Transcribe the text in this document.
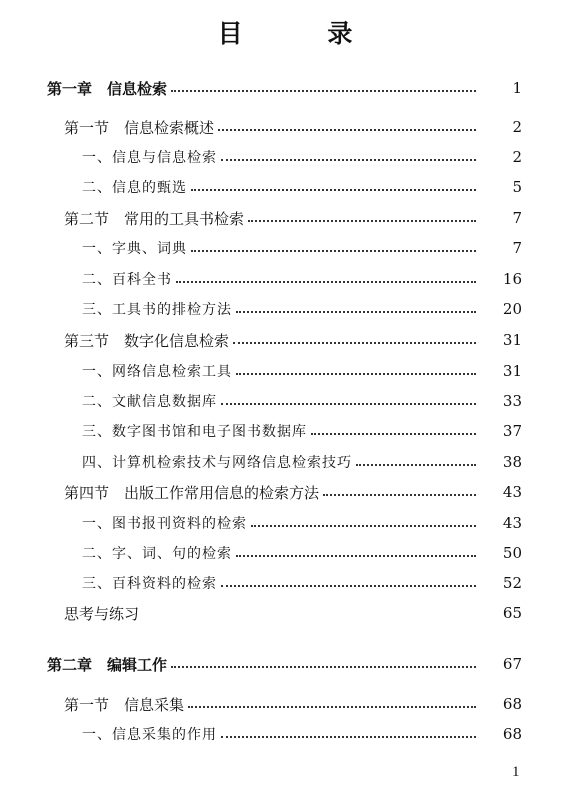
目 录
第一章　信息检索	1
第一节　信息检索概述	2
一、信息与信息检索	2
二、信息的甄选	5
第二节　常用的工具书检索	7
一、字典、词典	7
二、百科全书	16
三、工具书的排检方法	20
第三节　数字化信息检索	31
一、网络信息检索工具	31
二、文献信息数据库	33
三、数字图书馆和电子图书数据库	37
四、计算机检索技术与网络信息检索技巧	38
第四节　出版工作常用信息的检索方法	43
一、图书报刊资料的检索	43
二、字、词、句的检索	50
三、百科资料的检索	52
思考与练习	65
第二章　编辑工作	67
第一节　信息采集	68
一、信息采集的作用	68
1
